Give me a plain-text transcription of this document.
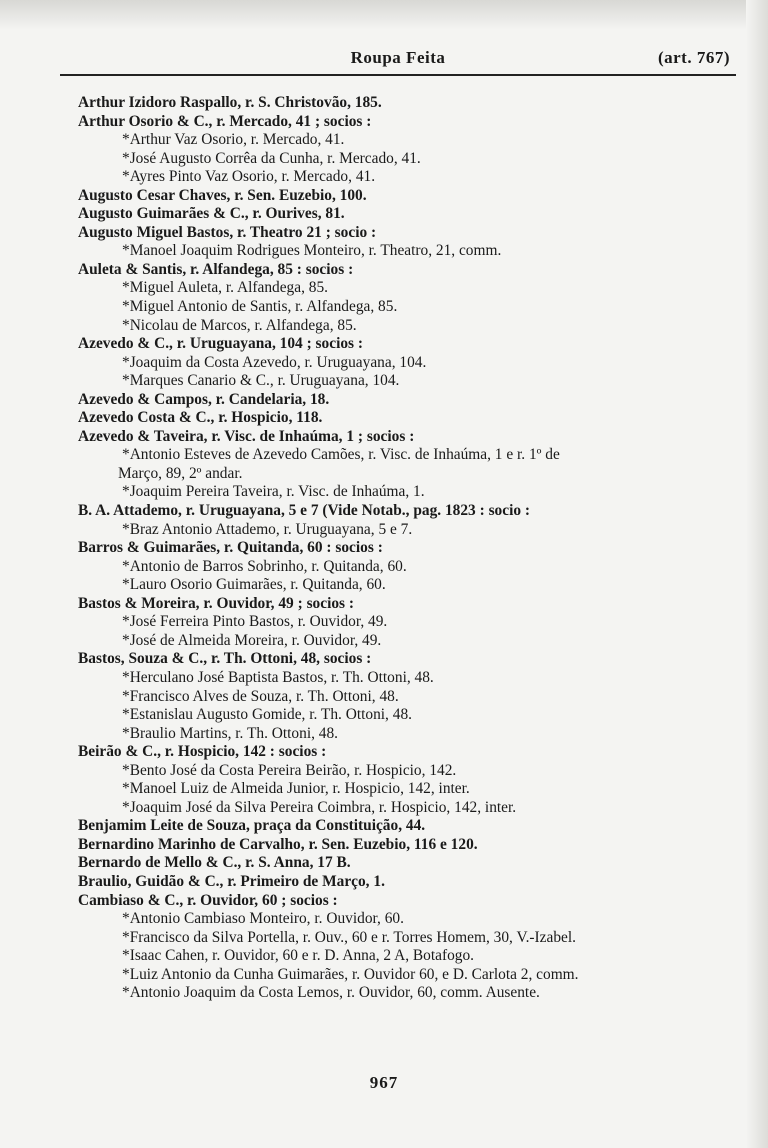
Roupa Feita	(art. 767)
Arthur Izidoro Raspallo, r. S. Christovão, 185.
Arthur Osorio & C., r. Mercado, 41 ; socios :
*Arthur Vaz Osorio, r. Mercado, 41.
*José Augusto Corrêa da Cunha, r. Mercado, 41.
*Ayres Pinto Vaz Osorio, r. Mercado, 41.
Augusto Cesar Chaves, r. Sen. Euzebio, 100.
Augusto Guimarães & C., r. Ourives, 81.
Augusto Miguel Bastos, r. Theatro 21 ; socio :
*Manoel Joaquim Rodrigues Monteiro, r. Theatro, 21, comm.
Auleta & Santis, r. Alfandega, 85 : socios :
*Miguel Auleta, r. Alfandega, 85.
*Miguel Antonio de Santis, r. Alfandega, 85.
*Nicolau de Marcos, r. Alfandega, 85.
Azevedo & C., r. Uruguayana, 104 ; socios :
*Joaquim da Costa Azevedo, r. Uruguayana, 104.
*Marques Canario & C., r. Uruguayana, 104.
Azevedo & Campos, r. Candelaria, 18.
Azevedo Costa & C., r. Hospicio, 118.
Azevedo & Taveira, r. Visc. de Inhaúma, 1 ; socios :
*Antonio Esteves de Azevedo Camões, r. Visc. de Inhaúma, 1 e r. 1º de
Março, 89, 2º andar.
*Joaquim Pereira Taveira, r. Visc. de Inhaúma, 1.
B. A. Attademo, r. Uruguayana, 5 e 7 (Vide Notab., pag. 1823 : socio :
*Braz Antonio Attademo, r. Uruguayana, 5 e 7.
Barros & Guimarães, r. Quitanda, 60 : socios :
*Antonio de Barros Sobrinho, r. Quitanda, 60.
*Lauro Osorio Guimarães, r. Quitanda, 60.
Bastos & Moreira, r. Ouvidor, 49 ; socios :
*José Ferreira Pinto Bastos, r. Ouvidor, 49.
*José de Almeida Moreira, r. Ouvidor, 49.
Bastos, Souza & C., r. Th. Ottoni, 48, socios :
*Herculano José Baptista Bastos, r. Th. Ottoni, 48.
*Francisco Alves de Souza, r. Th. Ottoni, 48.
*Estanislau Augusto Gomide, r. Th. Ottoni, 48.
*Braulio Martins, r. Th. Ottoni, 48.
Beirão & C., r. Hospicio, 142 : socios :
*Bento José da Costa Pereira Beirão, r. Hospicio, 142.
*Manoel Luiz de Almeida Junior, r. Hospicio, 142, inter.
*Joaquim José da Silva Pereira Coimbra, r. Hospicio, 142, inter.
Benjamim Leite de Souza, praça da Constituição, 44.
Bernardino Marinho de Carvalho, r. Sen. Euzebio, 116 e 120.
Bernardo de Mello & C., r. S. Anna, 17 B.
Braulio, Guidão & C., r. Primeiro de Março, 1.
Cambiaso & C., r. Ouvidor, 60 ; socios :
*Antonio Cambiaso Monteiro, r. Ouvidor, 60.
*Francisco da Silva Portella, r. Ouv., 60 e r. Torres Homem, 30, V.-Izabel.
*Isaac Cahen, r. Ouvidor, 60 e r. D. Anna, 2 A, Botafogo.
*Luiz Antonio da Cunha Guimarães, r. Ouvidor 60, e D. Carlota 2, comm.
*Antonio Joaquim da Costa Lemos, r. Ouvidor, 60, comm. Ausente.
967
